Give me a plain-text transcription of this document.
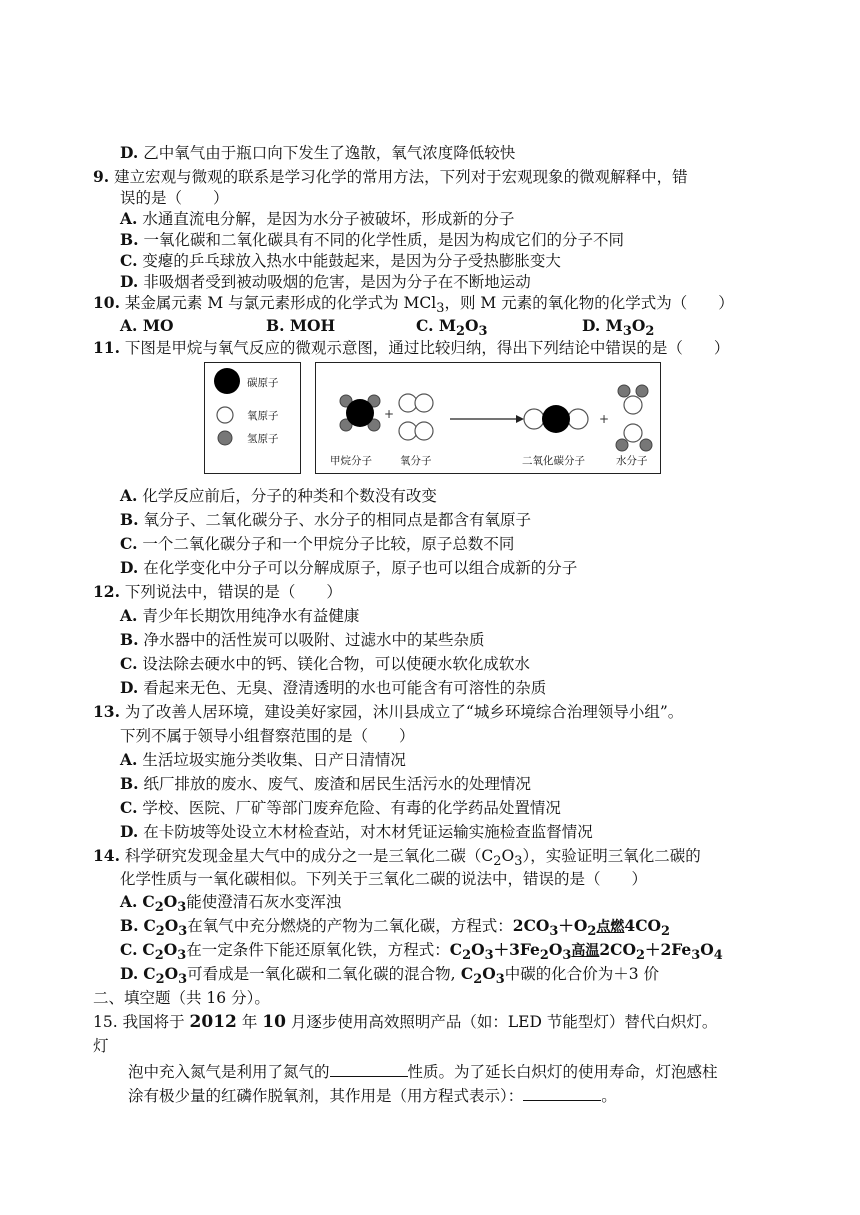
D. 乙中氧气由于瓶口向下发生了逸散，氧气浓度降低较快
9. 建立宏观与微观的联系是学习化学的常用方法，下列对于宏观现象的微观解释中，错
误的是（　　）
A. 水通直流电分解，是因为水分子被破坏，形成新的分子
B. 一氧化碳和二氧化碳具有不同的化学性质，是因为构成它们的分子不同
C. 变瘪的乒乓球放入热水中能鼓起来，是因为分子受热膨胀变大
D. 非吸烟者受到被动吸烟的危害，是因为分子在不断地运动
10. 某金属元素 M 与氯元素形成的化学式为 MCl$_3$，则 M 元素的氧化物的化学式为（　　）
A. MO	B. MOH	C. $M_2O_3$	D. $M_3O_2$
11. 下图是甲烷与氧气反应的微观示意图，通过比较归纳，得出下列结论中错误的是（　　）
碳原子
氧原子
氢原子
+	+
甲烷分子	氧分子	二氧化碳分子	水分子
A. 化学反应前后，分子的种类和个数没有改变
B. 氧分子、二氧化碳分子、水分子的相同点是都含有氧原子
C. 一个二氧化碳分子和一个甲烷分子比较，原子总数不同
D. 在化学变化中分子可以分解成原子，原子也可以组合成新的分子
12. 下列说法中，错误的是（　　）
A. 青少年长期饮用纯净水有益健康
B. 净水器中的活性炭可以吸附、过滤水中的某些杂质
C. 设法除去硬水中的钙、镁化合物，可以使硬水软化成软水
D. 看起来无色、无臭、澄清透明的水也可能含有可溶性的杂质
13. 为了改善人居环境，建设美好家园，沐川县成立了“城乡环境综合治理领导小组”。
下列不属于领导小组督察范围的是（　　）
A. 生活垃圾实施分类收集、日产日清情况
B. 纸厂排放的废水、废气、废渣和居民生活污水的处理情况
C. 学校、医院、厂矿等部门废弃危险、有毒的化学药品处置情况
D. 在卡防坡等处设立木材检查站，对木材凭证运输实施检查监督情况
14. 科学研究发现金星大气中的成分之一是三氧化二碳$(C_2O_3)$，实验证明三氧化二碳的
化学性质与一氧化碳相似。下列关于三氧化二碳的说法中，错误的是（　　）
A. $C_2O_3$能使澄清石灰水变浑浊
B. $C_2O_3$在氧气中充分燃烧的产物为二氧化碳，方程式：$2CO_3+O_2$点燃$4CO_2$
C. $C_2O_3$在一定条件下能还原氧化铁，方程式：$C_2O_3+3Fe_2O_3$高温$2CO_2+2Fe_3O_4$
D. $C_2O_3$可看成是一氧化碳和二氧化碳的混合物, $C_2O_3$中碳的化合价为＋3 价
二、填空题（共 16 分）。
15. 我国将于 2012 年 10 月逐步使用高效照明产品（如：LED 节能型灯）替代白炽灯。
灯
泡中充入氮气是利用了氮气的	性质。为了延长白炽灯的使用寿命，灯泡感柱
涂有极少量的红磷作脱氧剂，其作用是（用方程式表示）：	。
